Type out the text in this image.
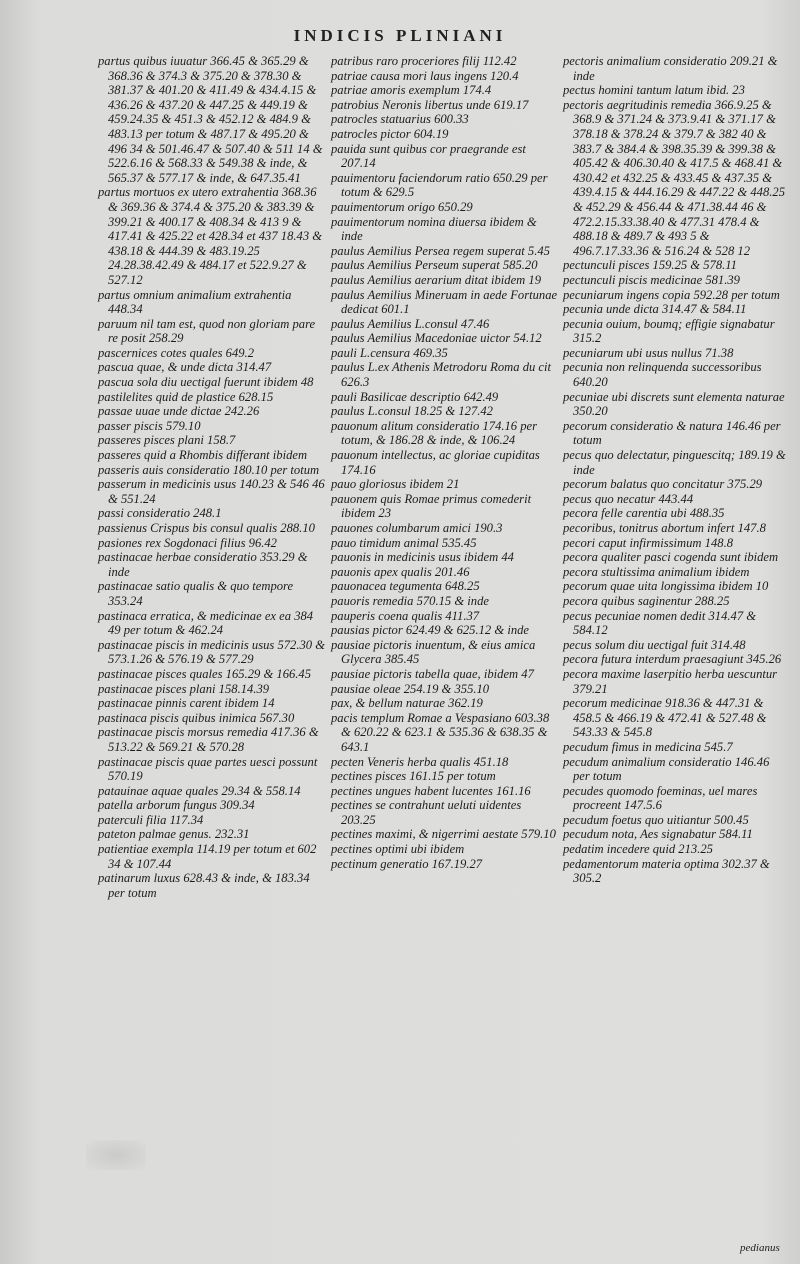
INDICIS PLINIANI

partus quibus iuuatur 366.45 & 365.29 & 368.36 & 374.3 & 375.20 & 378.30 & 381.37 & 401.20 & 411.49 & 434.4.15 & 436.26 & 437.20 & 447.25 & 449.19 & 459.24.35 & 451.3 & 452.12 & 484.9 & 483.13 per totum & 487.17 & 495.20 & 496 34 & 501.46.47 & 507.40 & 511 14 & 522.6.16 & 568.33 & 549.38 & inde, & 565.37 & 577.17 & inde, & 647.35.41

partus mortuos ex utero extrahentia 368.36 & 369.36 & 374.4 & 375.20 & 383.39 & 399.21 & 400.17 & 408.34 & 413 9 & 417.41 & 425.22 et 428.34 et 437 18.43 & 438.18 & 444.39 & 483.19.25 24.28.38.42.49 & 484.17 et 522.9.27 & 527.12

partus omnium animalium extrahentia 448.34

paruum nil tam est, quod non gloriam pare re posit 258.29

pascernices cotes quales 649.2

pascua quae, & unde dicta 314.47

pascua sola diu uectigal fuerunt ibidem 48

pastilelites quid de plastice 628.15

passae uuae unde dictae 242.26

passer piscis 579.10

passeres pisces plani 158.7

passeres quid a Rhombis differant ibidem

passeris auis consideratio 180.10 per totum

passerum in medicinis usus 140.23 & 546 46 & 551.24

passi consideratio 248.1

passienus Crispus bis consul qualis 288.10

pasiones rex Sogdonaci filius 96.42

pastinacae herbae consideratio 353.29 & inde

pastinacae satio qualis & quo tempore 353.24

pastinaca erratica, & medicinae ex ea 384 49 per totum & 462.24

pastinacae piscis in medicinis usus 572.30 & 573.1.26 & 576.19 & 577.29

pastinacae pisces quales 165.29 & 166.45

pastinacae pisces plani 158.14.39

pastinacae pinnis carent ibidem 14

pastinaca piscis quibus inimica 567.30

pastinacae piscis morsus remedia 417.36 & 513.22 & 569.21 & 570.28

pastinacae piscis quae partes uesci possunt 570.19

patauinae aquae quales 29.34 & 558.14

patella arborum fungus 309.34

paterculi filia 117.34

pateton palmae genus. 232.31

patientiae exempla 114.19 per totum et 602 34 & 107.44

patinarum luxus 628.43 & inde, & 183.34 per totum

patribus raro proceriores filij 112.42

patriae causa mori laus ingens 120.4

patriae amoris exemplum 174.4

patrobius Neronis libertus unde 619.17

patrocles statuarius 600.33

patrocles pictor 604.19

pauida sunt quibus cor praegrande est 207.14

pauimentoru faciendorum ratio 650.29 per totum & 629.5

pauimentorum origo 650.29

pauimentorum nomina diuersa ibidem & inde

paulus Aemilius Persea regem superat 5.45

paulus Aemilius Perseum superat 585.20

paulus Aemilius aerarium ditat ibidem 19

paulus Aemilius Mineruam in aede Fortunae dedicat 601.1

paulus Aemilius L.consul 47.46

paulus Aemilius Macedoniae uictor 54.12

pauli L.censura 469.35

paulus L.ex Athenis Metrodoru Roma du cit 626.3

pauli Basilicae descriptio 642.49

paulus L.consul 18.25 & 127.42

pauonum alitum consideratio 174.16 per totum, & 186.28 & inde, & 106.24

pauonum intellectus, ac gloriae cupiditas 174.16

pauo gloriosus ibidem 21

pauonem quis Romae primus comederit ibidem 23

pauones columbarum amici 190.3

pauo timidum animal 535.45

pauonis in medicinis usus ibidem 44

pauonis apex qualis 201.46

pauonacea tegumenta 648.25

pauoris remedia 570.15 & inde

pauperis coena qualis 411.37

pausias pictor 624.49 & 625.12 & inde

pausiae pictoris inuentum, & eius amica Glycera 385.45

pausiae pictoris tabella quae, ibidem 47

pausiae oleae 254.19 & 355.10

pax, & bellum naturae 362.19

pacis templum Romae a Vespasiano 603.38 & 620.22 & 623.1 & 535.36 & 638.35 & 643.1

pecten Veneris herba qualis 451.18

pectines pisces 161.15 per totum

pectines ungues habent lucentes 161.16

pectines se contrahunt ueluti uidentes 203.25

pectines maximi, & nigerrimi aestate 579.10

pectines optimi ubi ibidem

pectinum generatio 167.19.27

pectoris animalium consideratio 209.21 & inde

pectus homini tantum latum ibid. 23

pectoris aegritudinis remedia 366.9.25 & 368.9 & 371.24 & 373.9.41 & 371.17 & 378.18 & 378.24 & 379.7 & 382 40 & 383.7 & 384.4 & 398.35.39 & 399.38 & 405.42 & 406.30.40 & 417.5 & 468.41 & 430.42 et 432.25 & 433.45 & 437.35 & 439.4.15 & 444.16.29 & 447.22 & 448.25 & 452.29 & 456.44 & 471.38.44 46 & 472.2.15.33.38.40 & 477.31 478.4 & 488.18 & 489.7 & 493 5 & 496.7.17.33.36 & 516.24 & 528 12

pectunculi pisces 159.25 & 578.11

pectunculi piscis medicinae 581.39

pecuniarum ingens copia 592.28 per totum

pecunia unde dicta 314.47 & 584.11

pecunia ouium, boumq; effigie signabatur 315.2

pecuniarum ubi usus nullus 71.38

pecunia non relinquenda successoribus 640.20

pecuniae ubi discrets sunt elementa naturae 350.20

pecorum consideratio & natura 146.46 per totum

pecus quo delectatur, pinguescitq; 189.19 & inde

pecorum balatus quo concitatur 375.29

pecus quo necatur 443.44

pecora felle carentia ubi 488.35

pecoribus, tonitrus abortum infert 147.8

pecori caput infirmissimum 148.8

pecora qualiter pasci cogenda sunt ibidem

pecora stultissima animalium ibidem

pecorum quae uita longissima ibidem 10

pecora quibus saginentur 288.25

pecus pecuniae nomen dedit 314.47 & 584.12

pecus solum diu uectigal fuit 314.48

pecora futura interdum praesagiunt 345.26

pecora maxime laserpitio herba uescuntur 379.21

pecorum medicinae 918.36 & 447.31 & 458.5 & 466.19 & 472.41 & 527.48 & 543.33 & 545.8

pecudum fimus in medicina 545.7

pecudum animalium consideratio 146.46 per totum

pecudes quomodo foeminas, uel mares procreent 147.5.6

pecudum foetus quo uitiantur 500.45

pecudum nota, Aes signabatur 584.11

pedatim incedere quid 213.25

pedamentorum materia optima 302.37 & 305.2

pedianus
